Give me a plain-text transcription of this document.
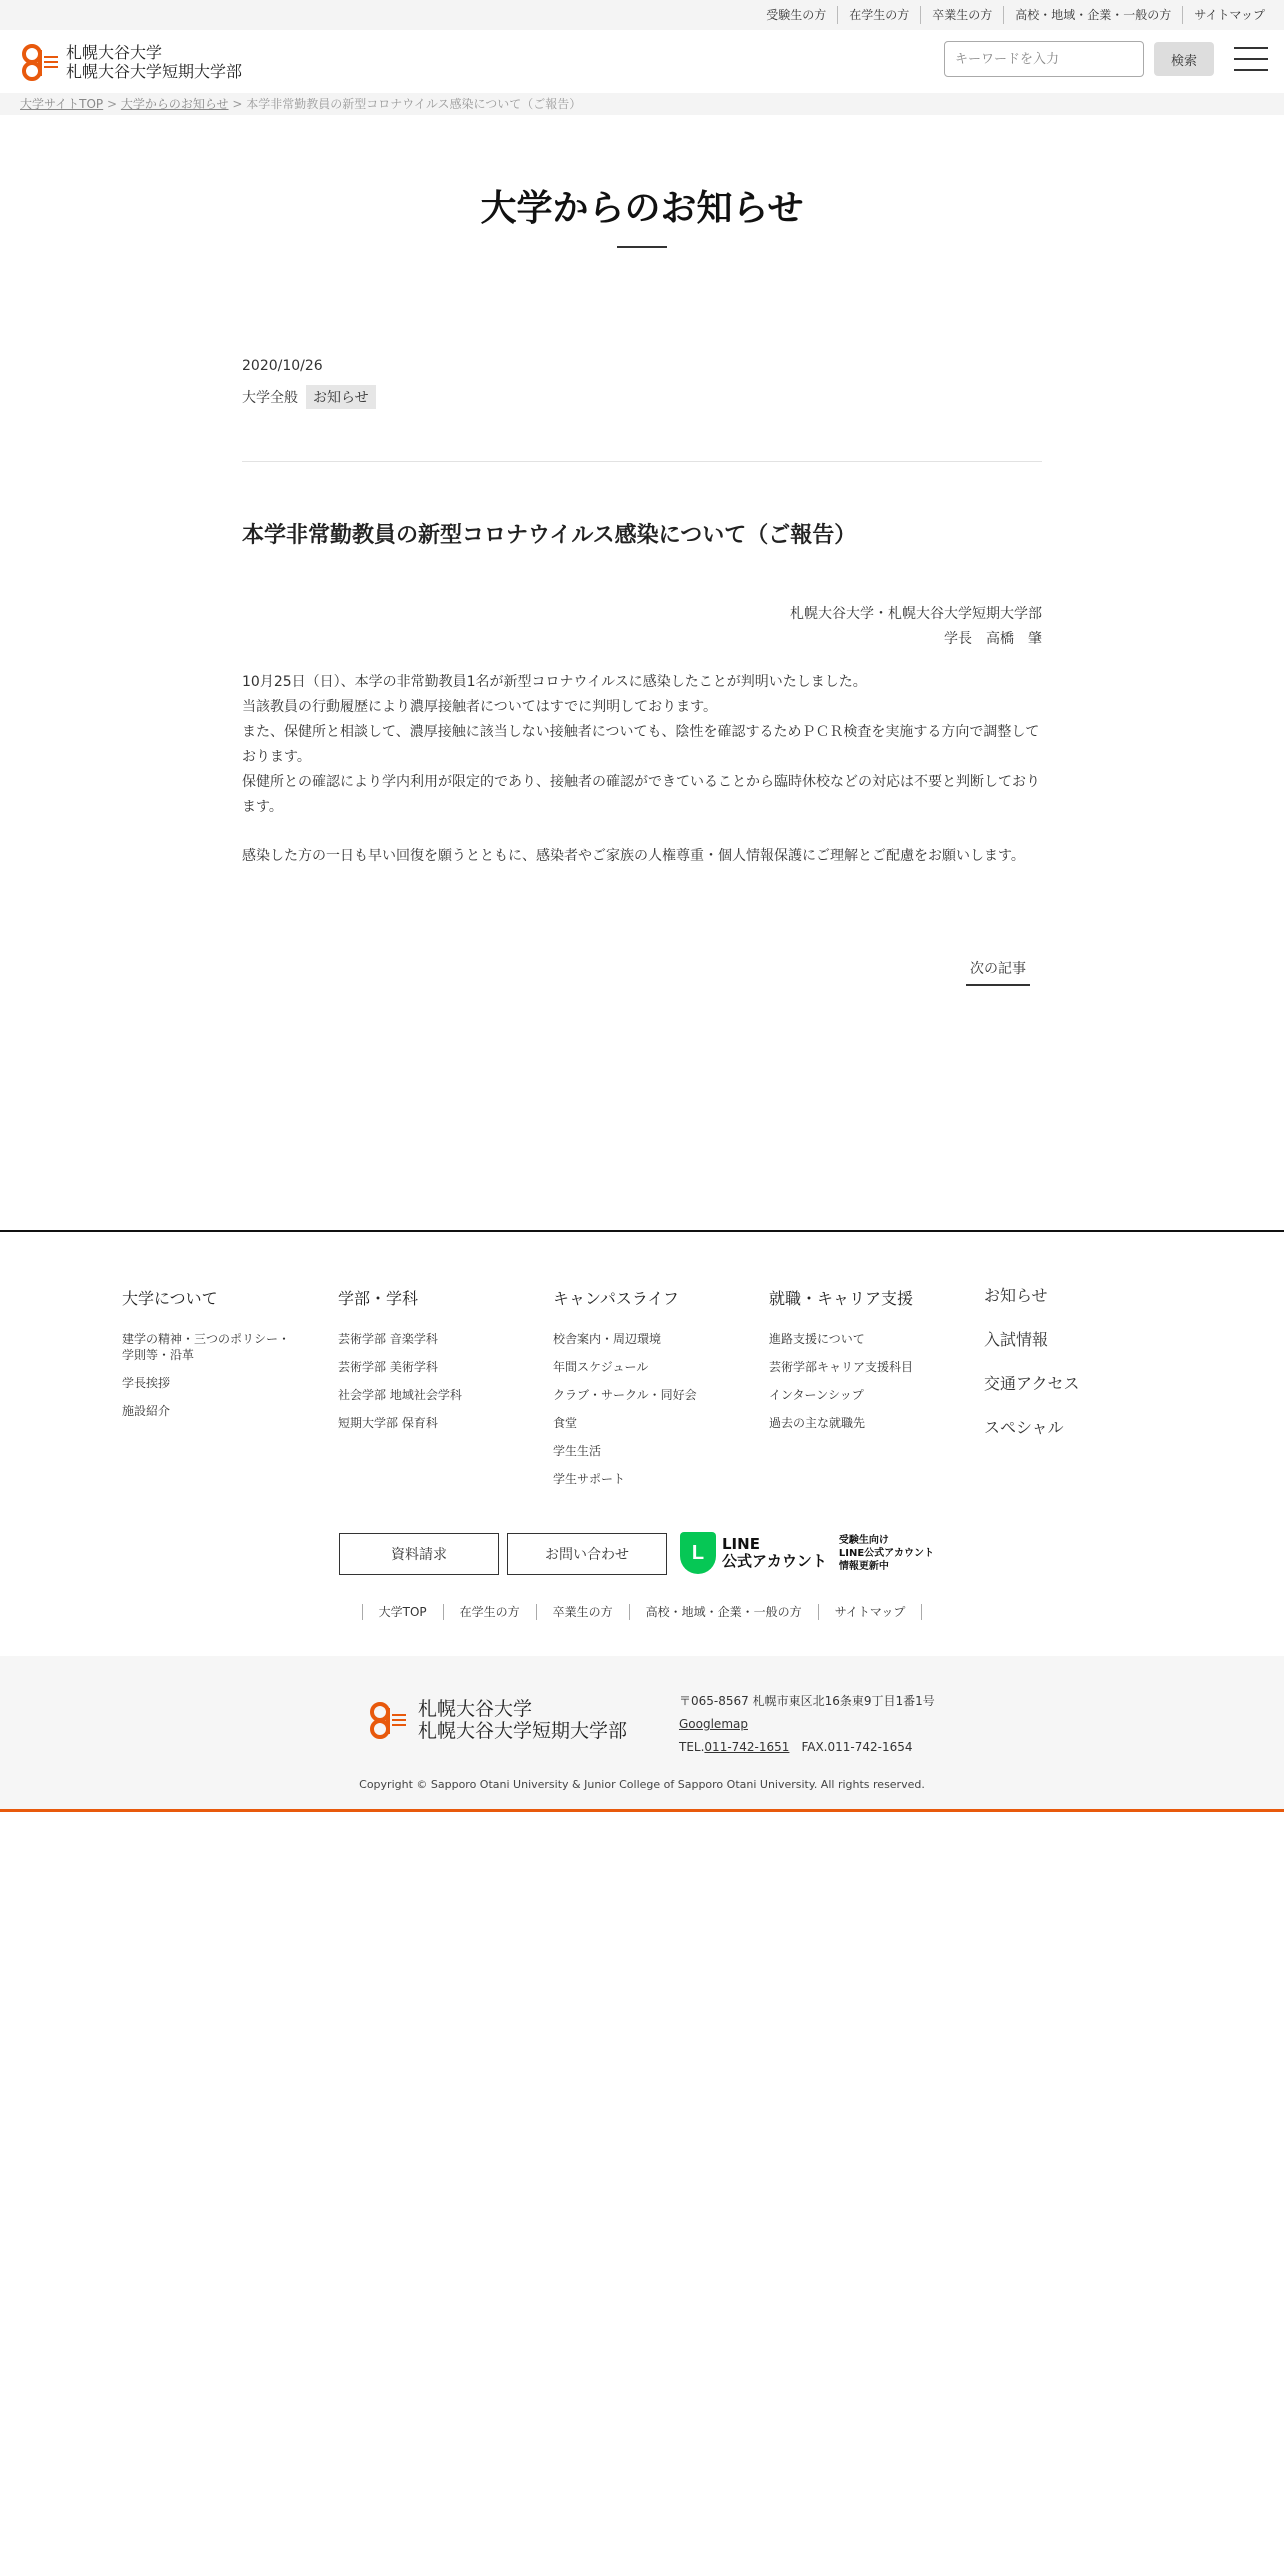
受験生の方	在学生の方	卒業生の方	高校・地域・企業・一般の方	サイトマップ
札幌大谷大学
札幌大谷大学短期大学部
キーワードを入力
検索
大学サイトTOP > 大学からのお知らせ > 本学非常勤教員の新型コロナウイルス感染について（ご報告）
大学からのお知らせ
2020/10/26
大学全般	お知らせ
本学非常勤教員の新型コロナウイルス感染について（ご報告）
札幌大谷大学・札幌大谷大学短期大学部
学長　高橋　肇

10月25日（日）、本学の非常勤教員1名が新型コロナウイルスに感染したことが判明いたしました。

当該教員の行動履歴により濃厚接触者についてはすでに判明しております。

また、保健所と相談して、濃厚接触に該当しない接触者についても、陰性を確認するためＰＣＲ検査を実施する方向で調整しております。

保健所との確認により学内利用が限定的であり、接触者の確認ができていることから臨時休校などの対応は不要と判断しております。

感染した方の一日も早い回復を願うとともに、感染者やご家族の人権尊重・個人情報保護にご理解とご配慮をお願いします。

次の記事
大学について
建学の精神・三つのポリシー・学則等・沿革
学長挨拶
施設紹介
学部・学科
芸術学部 音楽学科
芸術学部 美術学科
社会学部 地域社会学科
短期大学部 保育科
キャンパスライフ
校舎案内・周辺環境
年間スケジュール
クラブ・サークル・同好会
食堂
学生生活
学生サポート
就職・キャリア支援
進路支援について
芸術学部キャリア支援科目
インターンシップ
過去の主な就職先
お知らせ
入試情報
交通アクセス
スペシャル
資料請求	お問い合わせ	L	LINE
公式アカウント
受験生向け
LINE公式アカウント
情報更新中
大学TOP	在学生の方	卒業生の方	高校・地域・企業・一般の方	サイトマップ
札幌大谷大学
札幌大谷大学短期大学部
〒065-8567 札幌市東区北16条東9丁目1番1号
Googlemap
TEL.011-742-1651 FAX.011-742-1654
Copyright © Sapporo Otani University & Junior College of Sapporo Otani University. All rights reserved.
